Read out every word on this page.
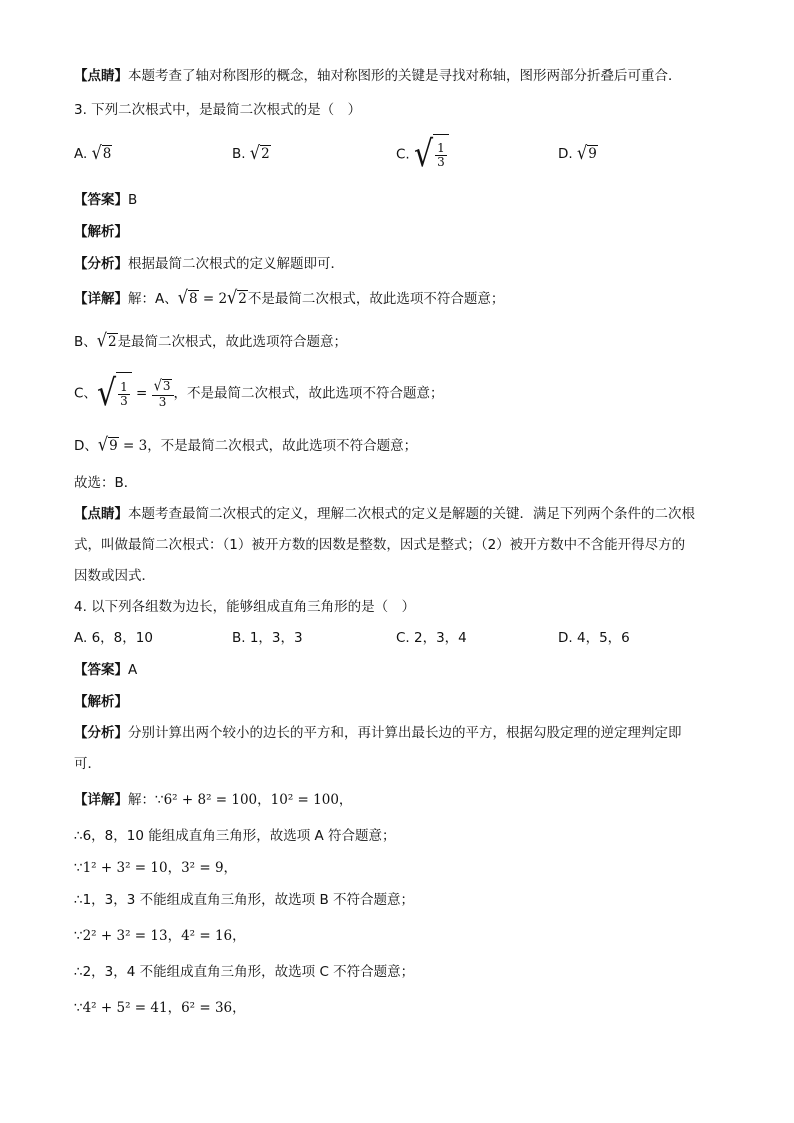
【点睛】本题考查了轴对称图形的概念，轴对称图形的关键是寻找对称轴，图形两部分折叠后可重合．
3. 下列二次根式中，是最简二次根式的是（　）
A. √8	B. √2	C. √ $\frac{1}{3}$	D. √9
【答案】B
【解析】
【分析】根据最简二次根式的定义解题即可．
【详解】解：A、√8 = 2√2不是最简二次根式，故此选项不符合题意；
B、√2是最简二次根式，故此选项符合题意；
C、 √ $\frac{1}{3} = \frac{√3}{3}$ ，不是最简二次根式，故此选项不符合题意；
D、√9 = 3，不是最简二次根式，故此选项不符合题意；
故选：B．
【点睛】本题考查最简二次根式的定义，理解二次根式的定义是解题的关键．满足下列两个条件的二次根
式，叫做最简二次根式：（1）被开方数的因数是整数，因式是整式；（2）被开方数中不含能开得尽方的
因数或因式．
4. 以下列各组数为边长，能够组成直角三角形的是（　）
A. 6，8，10	B. 1，3，3	C. 2，3，4	D. 4，5，6
【答案】A
【解析】
【分析】分别计算出两个较小的边长的平方和，再计算出最长边的平方，根据勾股定理的逆定理判定即
可．
【详解】解：∵6² + 8² = 100，10² = 100，
∴6，8，10 能组成直角三角形，故选项 A 符合题意；
∵1² + 3² = 10，3² = 9，
∴1，3，3 不能组成直角三角形，故选项 B 不符合题意；
∵2² + 3² = 13，4² = 16，
∴2，3，4 不能组成直角三角形，故选项 C 不符合题意；
∵4² + 5² = 41，6² = 36，
